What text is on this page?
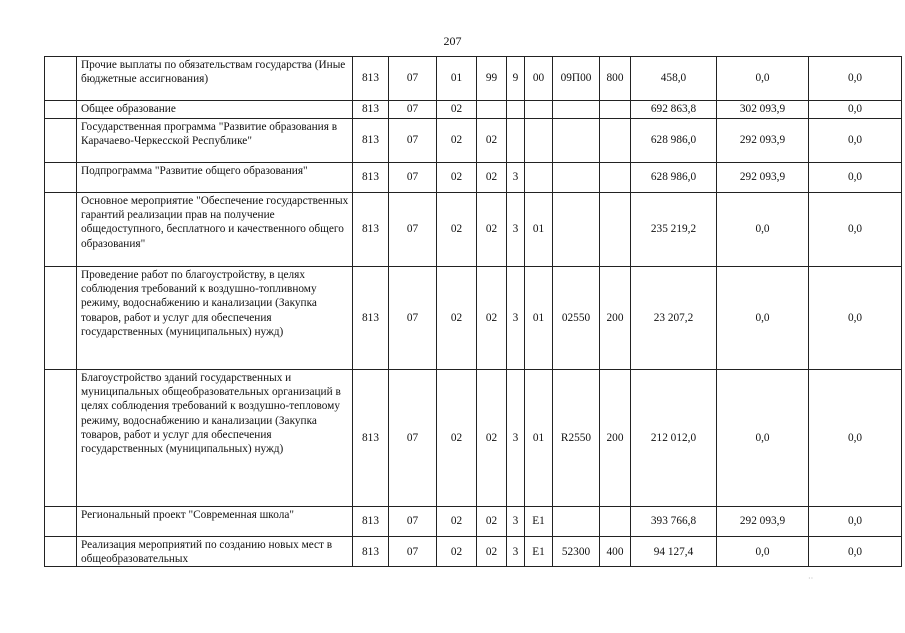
207
	Прочие выплаты по обязательствам государства (Иные бюджетные ассигнования)	813	07	01	99	9	00	09П00	800	458,0	0,0	0,0
	Общее образование	813	07	02						692 863,8	302 093,9	0,0
	Государственная программа "Развитие образования в Карачаево-Черкесской Республике"	813	07	02	02					628 986,0	292 093,9	0,0
	Подпрограмма "Развитие общего образования"	813	07	02	02	3				628 986,0	292 093,9	0,0
	Основное мероприятие "Обеспечение государственных гарантий реализации прав на получение общедоступного, бесплатного и качественного общего образования"	813	07	02	02	3	01			235 219,2	0,0	0,0
	Проведение работ по благоустройству, в целях соблюдения требований к воздушно-топливному режиму, водоснабжению и канализации (Закупка товаров, работ и услуг для обеспечения государственных (муниципальных) нужд)	813	07	02	02	3	01	02550	200	23 207,2	0,0	0,0
	Благоустройство зданий государственных и муниципальных общеобразовательных организаций в целях соблюдения требований к воздушно-тепловому режиму, водоснабжению и канализации (Закупка товаров, работ и услуг для обеспечения государственных (муниципальных) нужд)	813	07	02	02	3	01	R2550	200	212 012,0	0,0	0,0
	Региональный проект "Современная школа"	813	07	02	02	3	E1			393 766,8	292 093,9	0,0
	Реализация мероприятий по созданию новых мест в общеобразовательных	813	07	02	02	3	E1	52300	400	94 127,4	0,0	0,0
··
